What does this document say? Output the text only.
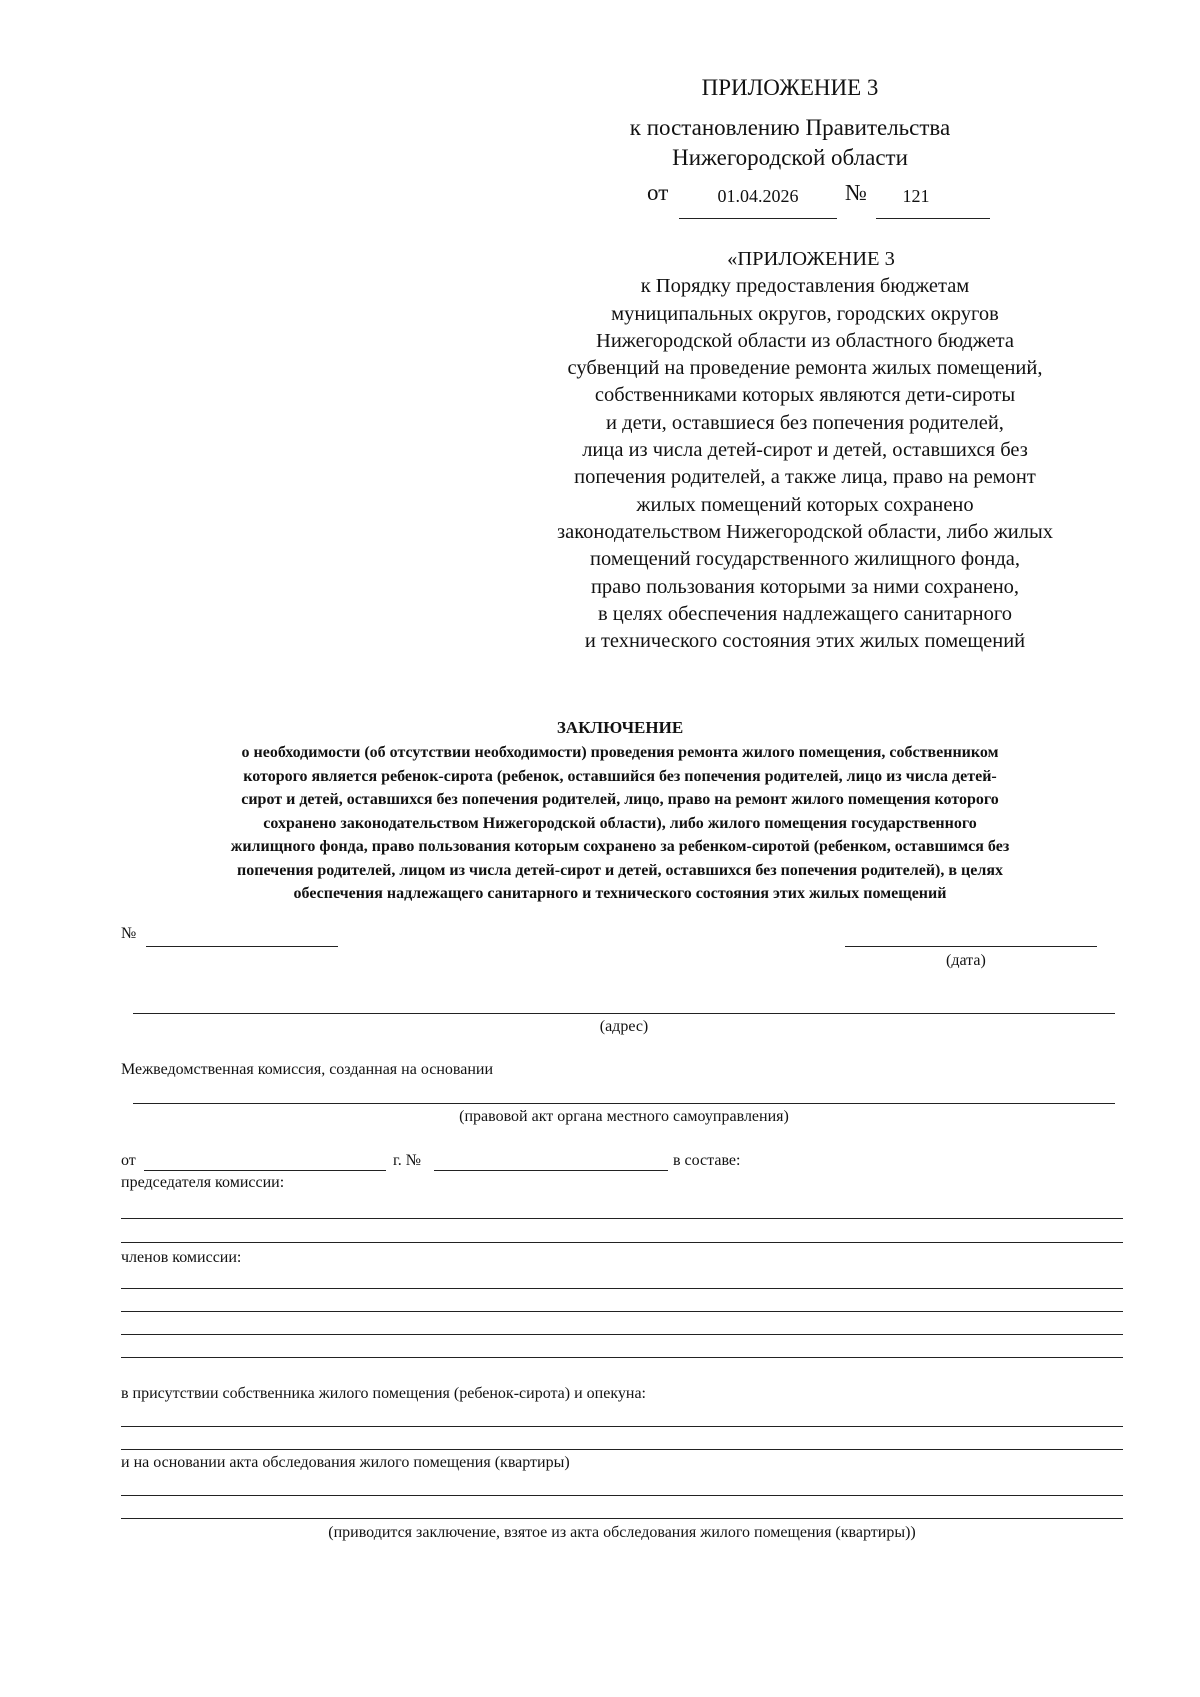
ПРИЛОЖЕНИЕ 3
к постановлению Правительства
Нижегородской области
от	01.04.2026	№	121
«ПРИЛОЖЕНИЕ 3
к Порядку предоставления бюджетам
муниципальных округов, городских округов
Нижегородской области из областного бюджета
субвенций на проведение ремонта жилых помещений,
собственниками которых являются дети-сироты
и дети, оставшиеся без попечения родителей,
лица из числа детей-сирот и детей, оставшихся без
попечения родителей, а также лица, право на ремонт
жилых помещений которых сохранено
законодательством Нижегородской области, либо жилых
помещений государственного жилищного фонда,
право пользования которыми за ними сохранено,
в целях обеспечения надлежащего санитарного
и технического состояния этих жилых помещений
ЗАКЛЮЧЕНИЕ
о необходимости (об отсутствии необходимости) проведения ремонта жилого помещения, собственником
которого является ребенок-сирота (ребенок, оставшийся без попечения родителей, лицо из числа детей-
сирот и детей, оставшихся без попечения родителей, лицо, право на ремонт жилого помещения которого
сохранено законодательством Нижегородской области), либо жилого помещения государственного
жилищного фонда, право пользования которым сохранено за ребенком-сиротой (ребенком, оставшимся без
попечения родителей, лицом из числа детей-сирот и детей, оставшихся без попечения родителей), в целях
обеспечения надлежащего санитарного и технического состояния этих жилых помещений
№
(дата)
(адрес)
Межведомственная комиссия, созданная на основании
(правовой акт органа местного самоуправления)
от	г. №	в составе:
председателя комиссии:
членов комиссии:
в присутствии собственника жилого помещения (ребенок-сирота) и опекуна:
и на основании акта обследования жилого помещения (квартиры)
(приводится заключение, взятое из акта обследования жилого помещения (квартиры))
